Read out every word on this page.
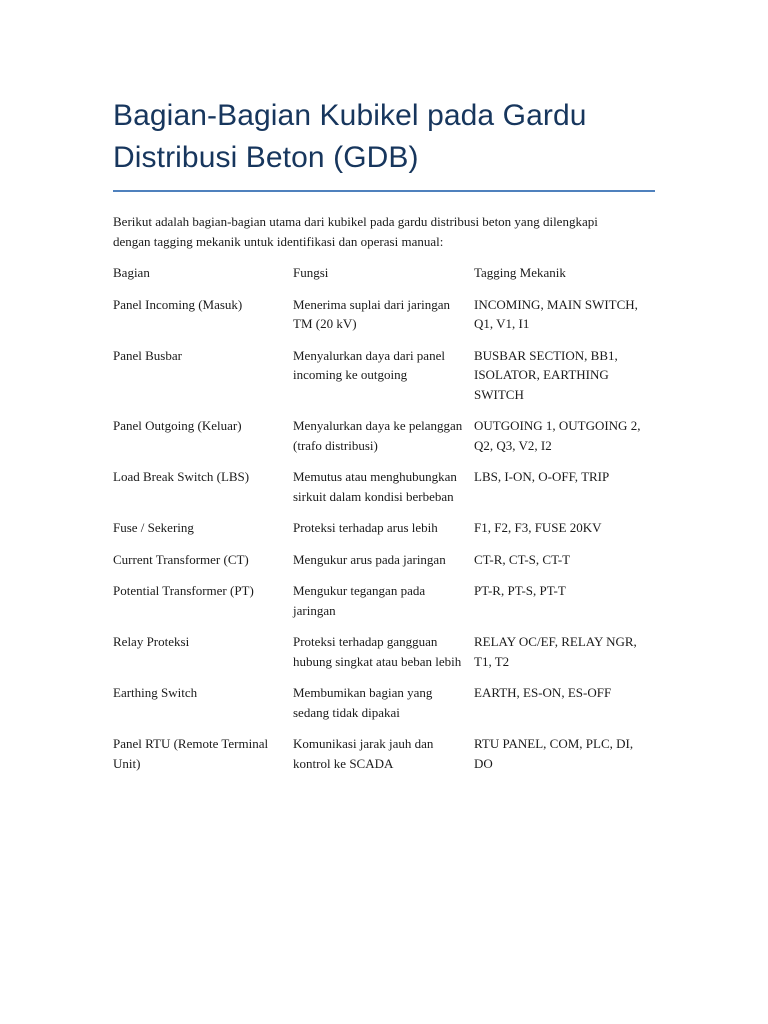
Bagian-Bagian Kubikel pada Gardu Distribusi Beton (GDB)

Berikut adalah bagian-bagian utama dari kubikel pada gardu distribusi beton yang dilengkapi dengan tagging mekanik untuk identifikasi dan operasi manual:

Bagian	Fungsi	Tagging Mekanik
Panel Incoming (Masuk)	Menerima suplai dari jaringan TM (20 kV)	INCOMING, MAIN SWITCH, Q1, V1, I1
Panel Busbar	Menyalurkan daya dari panel incoming ke outgoing	BUSBAR SECTION, BB1, ISOLATOR, EARTHING SWITCH
Panel Outgoing (Keluar)	Menyalurkan daya ke pelanggan (trafo distribusi)	OUTGOING 1, OUTGOING 2, Q2, Q3, V2, I2
Load Break Switch (LBS)	Memutus atau menghubungkan sirkuit dalam kondisi berbeban	LBS, I-ON, O-OFF, TRIP
Fuse / Sekering	Proteksi terhadap arus lebih	F1, F2, F3, FUSE 20KV
Current Transformer (CT)	Mengukur arus pada jaringan	CT-R, CT-S, CT-T
Potential Transformer (PT)	Mengukur tegangan pada jaringan	PT-R, PT-S, PT-T
Relay Proteksi	Proteksi terhadap gangguan hubung singkat atau beban lebih	RELAY OC/EF, RELAY NGR, T1, T2
Earthing Switch	Membumikan bagian yang sedang tidak dipakai	EARTH, ES-ON, ES-OFF
Panel RTU (Remote Terminal Unit)	Komunikasi jarak jauh dan kontrol ke SCADA	RTU PANEL, COM, PLC, DI, DO
